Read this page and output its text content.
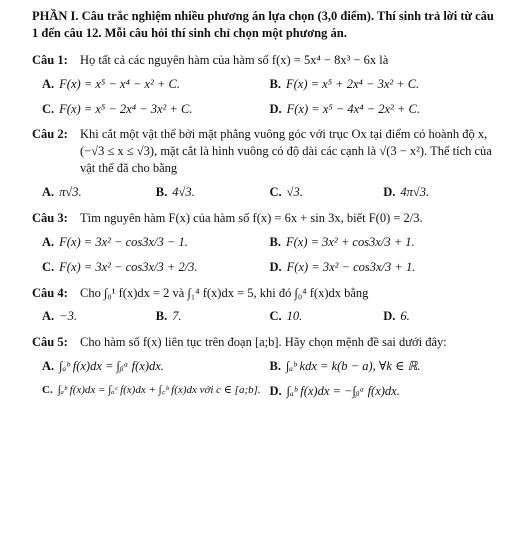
PHẦN I. Câu trắc nghiệm nhiều phương án lựa chọn (3,0 điểm). Thí sinh trả lời từ câu 1 đến câu 12. Mỗi câu hỏi thí sinh chỉ chọn một phương án.
Câu 1: Họ tất cả các nguyên hàm của hàm số f(x) = 5x⁴ − 8x³ − 6x là
A. F(x) = x⁵ − x⁴ − x² + C.	B. F(x) = x⁵ + 2x⁴ − 3x² + C.
C. F(x) = x⁵ − 2x⁴ − 3x² + C.	D. F(x) = x⁵ − 4x⁴ − 2x² + C.
Câu 2: Khi cắt một vật thể bởi mặt phẳng vuông góc với trục Ox tại điểm có hoành độ x,
(−√3 ≤ x ≤ √3), mặt cắt là hình vuông có độ dài các cạnh là √(3 − x²). Thể tích của
vật thể đã cho bằng
A. π√3.	B. 4√3.	C. √3.	D. 4π√3.
Câu 3: Tìm nguyên hàm F(x) của hàm số f(x) = 6x + sin 3x, biết F(0) = 2/3.
A. F(x) = 3x² − cos3x/3 − 1.	B. F(x) = 3x² + cos3x/3 + 1.
C. F(x) = 3x² − cos3x/3 + 2/3.	D. F(x) = 3x² − cos3x/3 + 1.
Câu 4: Cho ∫₀¹ f(x)dx = 2 và ∫₁⁴ f(x)dx = 5, khi đó ∫₀⁴ f(x)dx bằng
A. −3.	B. 7.	C. 10.	D. 6.
Câu 5: Cho hàm số f(x) liên tục trên đoạn [a;b]. Hãy chọn mệnh đề sai dưới đây:
A. ∫ₐᵇ f(x)dx = ∫ᵦᵃ f(x)dx.	B. ∫ₐᵇ kdx = k(b − a), ∀k ∈ ℝ.
C. ∫ₐᵇ f(x)dx = ∫ₐᶜ f(x)dx + ∫꜀ᵇ f(x)dx với c ∈ [a;b]. D. ∫ₐᵇ f(x)dx = −∫ᵦᵃ f(x)dx.
